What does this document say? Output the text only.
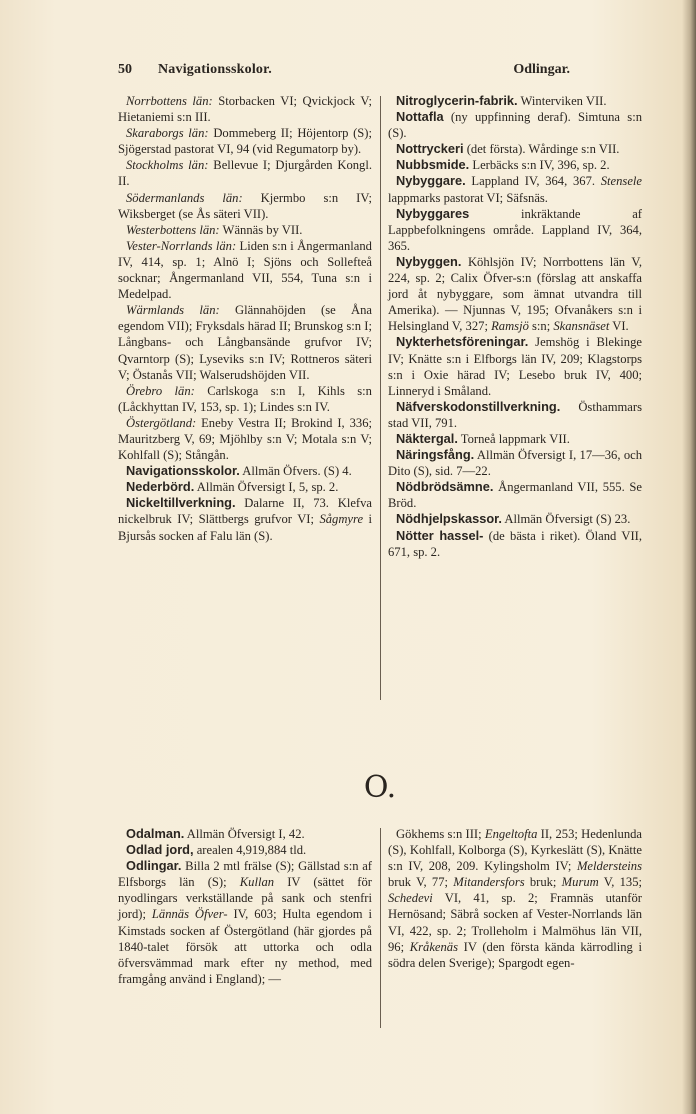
50 Navigationsskolor.	Odlingar.

Norrbottens län: Storbacken VI; Qvickjock V; Hietaniemi s:n III.

Skaraborgs län: Dommeberg II; Höjentorp (S); Sjögerstad pastorat VI, 94 (vid Regumatorp by).

Stockholms län: Bellevue I; Djurgården Kongl. II.

Södermanlands län: Kjermbo s:n IV; Wiksberget (se Ås säteri VII).

Westerbottens län: Wännäs by VII.

Vester-Norrlands län: Liden s:n i Ångermanland IV, 414, sp. 1; Alnö I; Sjöns och Sollefteå socknar; Ångermanland VII, 554, Tuna s:n i Medelpad.

Wärmlands län: Glännahöjden (se Åna egendom VII); Fryksdals härad II; Brunskog s:n I; Långbans- och Långbansände grufvor IV; Qvarntorp (S); Lyseviks s:n IV; Rottneros säteri V; Östanås VII; Walserudshöjden VII.

Örebro län: Carlskoga s:n I, Kihls s:n (Låckhyttan IV, 153, sp. 1); Lindes s:n IV.

Östergötland: Eneby Vestra II; Brokind I, 336; Mauritzberg V, 69; Mjöhlby s:n V; Motala s:n V; Kohlfall (S); Stångån.

Navigationsskolor. Allmän Öfvers. (S) 4.

Nederbörd. Allmän Öfversigt I, 5, sp. 2.

Nickeltillverkning. Dalarne II, 73. Klefva nickelbruk IV; Slättbergs grufvor VI; Sågmyre i Bjursås socken af Falu län (S).

Nitroglycerin-fabrik. Winterviken VII.

Nottafla (ny uppfinning deraf). Simtuna s:n (S).

Nottryckeri (det första). Wårdinge s:n VII.

Nubbsmide. Lerbäcks s:n IV, 396, sp. 2.

Nybyggare. Lappland IV, 364, 367. Stensele lappmarks pastorat VI; Säfsnäs.

Nybyggares inkräktande af Lappbefolkningens område. Lappland IV, 364, 365.

Nybyggen. Köhlsjön IV; Norrbottens län V, 224, sp. 2; Calix Öfver-s:n (förslag att anskaffa jord åt nybyggare, som ämnat utvandra till Amerika). — Njunnas V, 195; Ofvanåkers s:n i Helsingland V, 327; Ramsjö s:n; Skansnäset VI.

Nykterhetsföreningar. Jemshög i Blekinge IV; Knätte s:n i Elfborgs län IV, 209; Klagstorps s:n i Oxie härad IV; Lesebo bruk IV, 400; Linneryd i Småland.

Näfverskodonstillverkning. Östhammars stad VII, 791.

Näktergal. Torneå lappmark VII.

Näringsfång. Allmän Öfversigt I, 17—36, och Dito (S), sid. 7—22.

Nödbrödsämne. Ångermanland VII, 555. Se Bröd.

Nödhjelpskassor. Allmän Öfversigt (S) 23.

Nötter hassel- (de bästa i riket). Öland VII, 671, sp. 2.

O.

Odalman. Allmän Öfversigt I, 42.

Odlad jord, arealen 4,919,884 tld.

Odlingar. Billa 2 mtl frälse (S); Gällstad s:n af Elfsborgs län (S); Kullan IV (sättet för nyodlingars verkställande på sank och stenfri jord); Lännäs Öfver- IV, 603; Hulta egendom i Kimstads socken af Östergötland (här gjordes på 1840-talet försök att uttorka och odla öfversvämmad mark efter ny method, med framgång använd i England); —

Gökhems s:n III; Engeltofta II, 253; Hedenlunda (S), Kohlfall, Kolborga (S), Kyrkeslätt (S), Knätte s:n IV, 208, 209. Kylingsholm IV; Meldersteins bruk V, 77; Mitandersfors bruk; Murum V, 135; Schedevi VI, 41, sp. 2; Framnäs utanför Hernösand; Säbrå socken af Vester-Norrlands län VI, 422, sp. 2; Trolleholm i Malmöhus län VII, 96; Kråkenäs IV (den första kända kärrodling i södra delen Sverige); Spargodt egen-
